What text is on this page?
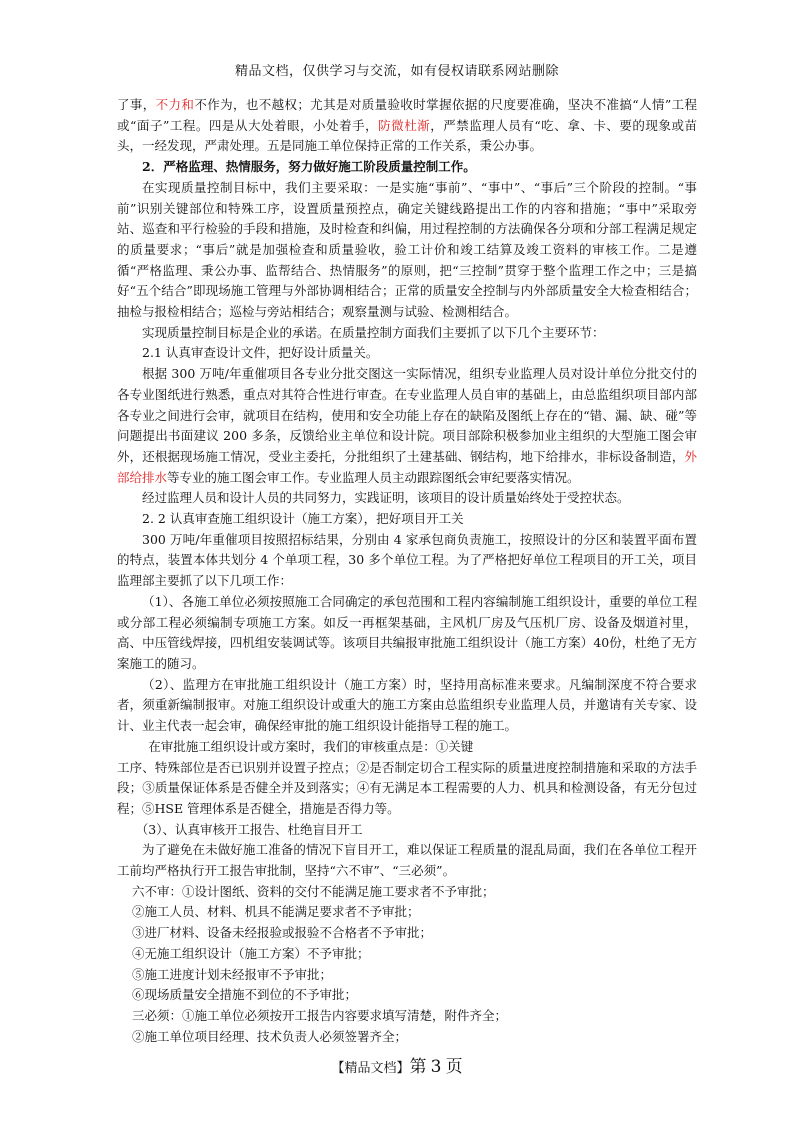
精品文档，仅供学习与交流，如有侵权请联系网站删除

了事，不力和不作为，也不越权；尤其是对质量验收时掌握依据的尺度要准确，坚决不准搞“人情”工程或“面子”工程。四是从大处着眼，小处着手，防微杜渐，严禁监理人员有“吃、拿、卡、要的现象或苗头，一经发现，严肃处理。五是同施工单位保持正常的工作关系，秉公办事。

2．严格监理、热情服务，努力做好施工阶段质量控制工作。

在实现质量控制目标中，我们主要采取：一是实施“事前”、“事中”、“事后”三个阶段的控制。“事前”识别关键部位和特殊工序，设置质量预控点，确定关键线路提出工作的内容和措施；“事中”采取旁站、巡查和平行检验的手段和措施，及时检查和纠偏，用过程控制的方法确保各分项和分部工程满足规定的质量要求；“事后”就是加强检查和质量验收，验工计价和竣工结算及竣工资料的审核工作。二是遵循“严格监理、秉公办事、监帮结合、热情服务”的原则，把“三控制”贯穿于整个监理工作之中；三是搞好“五个结合”即现场施工管理与外部协调相结合；正常的质量安全控制与内外部质量安全大检查相结合；抽检与报检相结合；巡检与旁站相结合；观察量测与试验、检测相结合。

实现质量控制目标是企业的承诺。在质量控制方面我们主要抓了以下几个主要环节：

2.1 认真审查设计文件，把好设计质量关。

根据 300 万吨/年重催项目各专业分批交图这一实际情况，组织专业监理人员对设计单位分批交付的各专业图纸进行熟悉，重点对其符合性进行审查。在专业监理人员自审的基础上，由总监组织项目部内部各专业之间进行会审，就项目在结构，使用和安全功能上存在的缺陷及图纸上存在的“错、漏、缺、碰”等问题提出书面建议 200 多条，反馈给业主单位和设计院。项目部除积极参加业主组织的大型施工图会审外，还根据现场施工情况，受业主委托，分批组织了土建基础、钢结构，地下给排水，非标设备制造，外部给排水等专业的施工图会审工作。专业监理人员主动跟踪图纸会审纪要落实情况。

经过监理人员和设计人员的共同努力，实践证明，该项目的设计质量始终处于受控状态。

2. 2 认真审查施工组织设计（施工方案），把好项目开工关

300 万吨/年重催项目按照招标结果，分别由 4 家承包商负责施工，按照设计的分区和装置平面布置的特点，装置本体共划分 4 个单项工程，30 多个单位工程。为了严格把好单位工程项目的开工关，项目监理部主要抓了以下几项工作：

（1）、各施工单位必须按照施工合同确定的承包范围和工程内容编制施工组织设计，重要的单位工程或分部工程必须编制专项施工方案。如反一再框架基础，主风机厂房及气压机厂房、设备及烟道衬里，高、中压管线焊接，四机组安装调试等。该项目共编报审批施工组织设计（施工方案）40份，杜绝了无方案施工的随习。

（2）、监理方在审批施工组织设计（施工方案）时，坚持用高标准来要求。凡编制深度不符合要求者，须重新编制报审。对施工组织设计或重大的施工方案由总监组织专业监理人员，并邀请有关专家、设计、业主代表一起会审，确保经审批的施工组织设计能指导工程的施工。

在审批施工组织设计或方案时，我们的审核重点是：①关键

工序、特殊部位是否已识别并设置子控点；②是否制定切合工程实际的质量进度控制措施和采取的方法手段；③质量保证体系是否健全并及到落实；④有无满足本工程需要的人力、机具和检测设备，有无分包过程；⑤HSE 管理体系是否健全，措施是否得力等。

（3）、认真审核开工报告、杜绝盲目开工

为了避免在未做好施工准备的情况下盲目开工，难以保证工程质量的混乱局面，我们在各单位工程开工前均严格执行开工报告审批制，坚持“六不审”、“三必须”。

六不审：①设计图纸、资料的交付不能满足施工要求者不予审批；

②施工人员、材料、机具不能满足要求者不予审批；

③进厂材料、设备未经报验或报验不合格者不予审批；

④无施工组织设计（施工方案）不予审批；

⑤施工进度计划未经报审不予审批；

⑥现场质量安全措施不到位的不予审批；

三必须：①施工单位必须按开工报告内容要求填写清楚，附件齐全；

②施工单位项目经理、技术负责人必须签署齐全；

【精品文档】第 3 页
